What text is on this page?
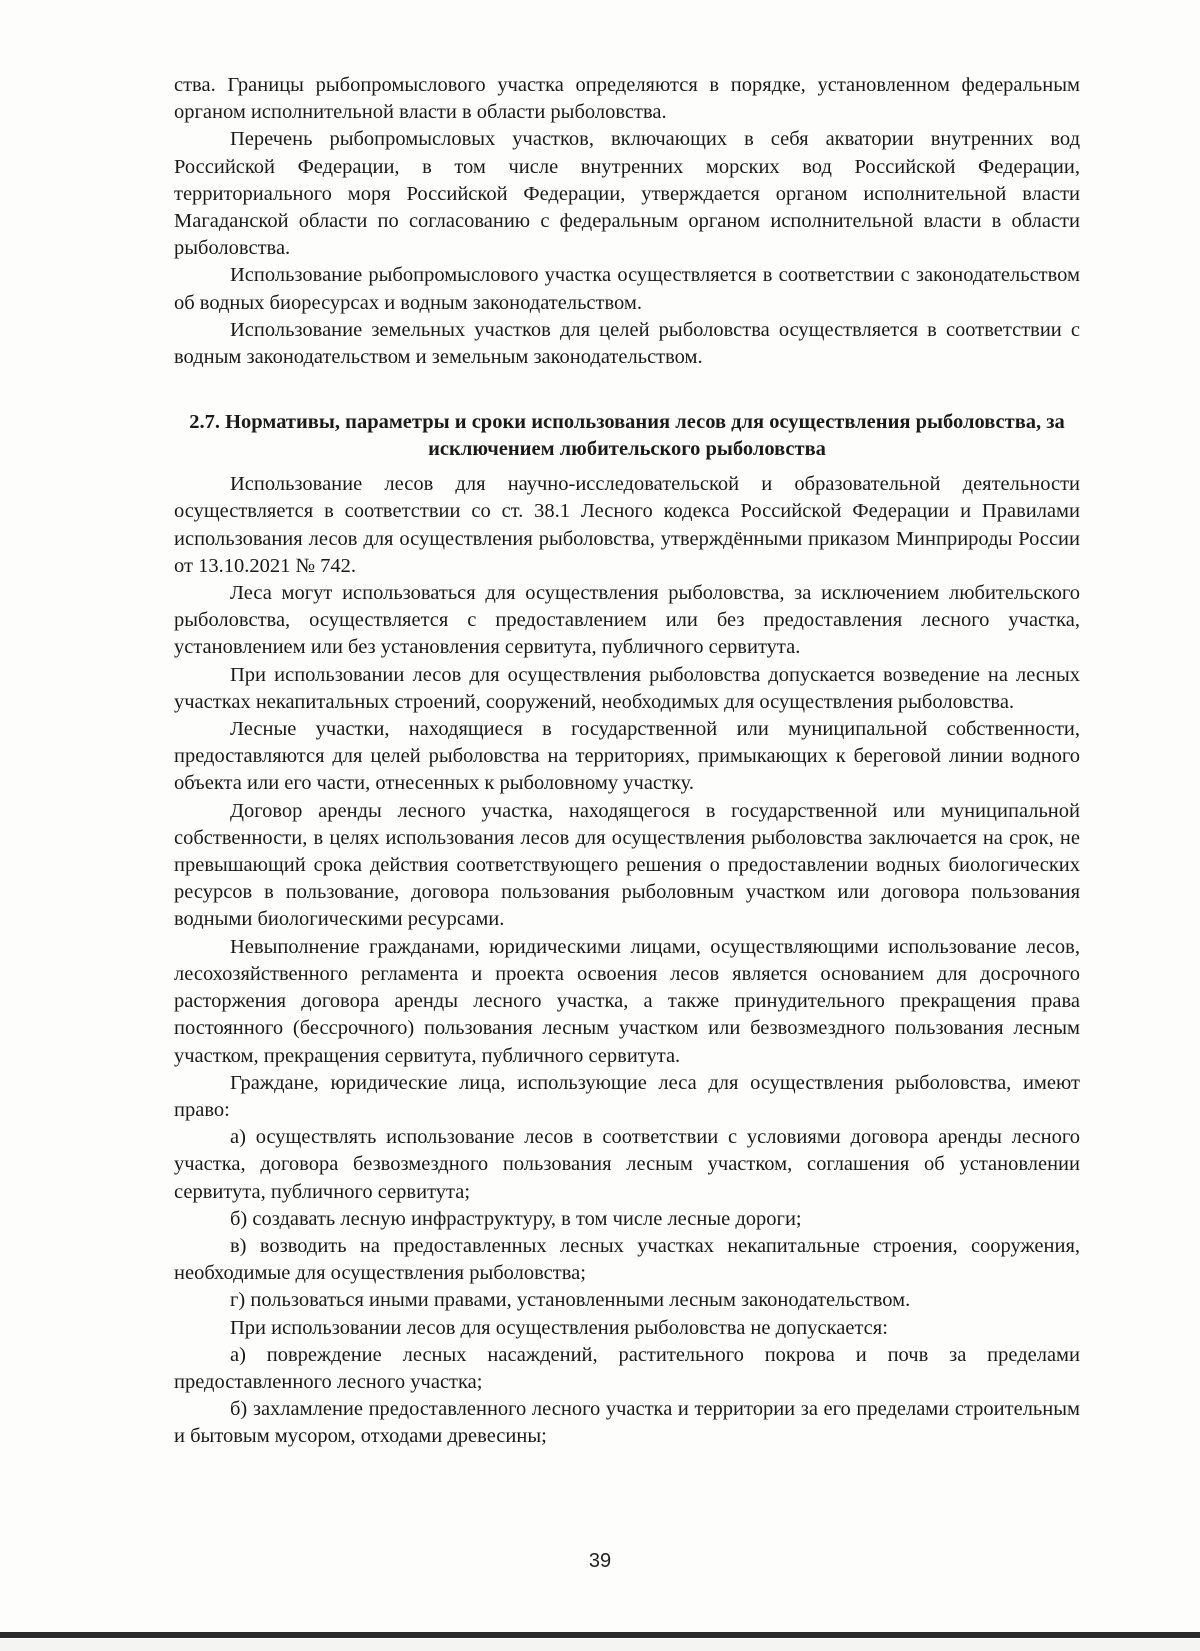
ства. Границы рыбопромыслового участка определяются в порядке, установленном федеральным органом исполнительной власти в области рыболовства.

Перечень рыбопромысловых участков, включающих в себя акватории внутренних вод Российской Федерации, в том числе внутренних морских вод Российской Федерации, территориального моря Российской Федерации, утверждается органом исполнительной власти Магаданской области по согласованию с федеральным органом исполнительной власти в области рыболовства.

Использование рыбопромыслового участка осуществляется в соответствии с законодательством об водных биоресурсах и водным законодательством.

Использование земельных участков для целей рыболовства осуществляется в соответствии с водным законодательством и земельным законодательством.

2.7. Нормативы, параметры и сроки использования лесов для осуществления рыболовства, за исключением любительского рыболовства

Использование лесов для научно-исследовательской и образовательной деятельности осуществляется в соответствии со ст. 38.1 Лесного кодекса Российской Федерации и Правилами использования лесов для осуществления рыболовства, утверждёнными приказом Минприроды России от 13.10.2021 № 742.

Леса могут использоваться для осуществления рыболовства, за исключением любительского рыболовства, осуществляется с предоставлением или без предоставления лесного участка, установлением или без установления сервитута, публичного сервитута.

При использовании лесов для осуществления рыболовства допускается возведение на лесных участках некапитальных строений, сооружений, необходимых для осуществления рыболовства.

Лесные участки, находящиеся в государственной или муниципальной собственности, предоставляются для целей рыболовства на территориях, примыкающих к береговой линии водного объекта или его части, отнесенных к рыболовному участку.

Договор аренды лесного участка, находящегося в государственной или муниципальной собственности, в целях использования лесов для осуществления рыболовства заключается на срок, не превышающий срока действия соответствующего решения о предоставлении водных биологических ресурсов в пользование, договора пользования рыболовным участком или договора пользования водными биологическими ресурсами.

Невыполнение гражданами, юридическими лицами, осуществляющими использование лесов, лесохозяйственного регламента и проекта освоения лесов является основанием для досрочного расторжения договора аренды лесного участка, а также принудительного прекращения права постоянного (бессрочного) пользования лесным участком или безвозмездного пользования лесным участком, прекращения сервитута, публичного сервитута.

Граждане, юридические лица, использующие леса для осуществления рыболовства, имеют право:

а) осуществлять использование лесов в соответствии с условиями договора аренды лесного участка, договора безвозмездного пользования лесным участком, соглашения об установлении сервитута, публичного сервитута;

б) создавать лесную инфраструктуру, в том числе лесные дороги;

в) возводить на предоставленных лесных участках некапитальные строения, сооружения, необходимые для осуществления рыболовства;

г) пользоваться иными правами, установленными лесным законодательством.

При использовании лесов для осуществления рыболовства не допускается:

а) повреждение лесных насаждений, растительного покрова и почв за пределами предоставленного лесного участка;

б) захламление предоставленного лесного участка и территории за его пределами строительным и бытовым мусором, отходами древесины;

39
